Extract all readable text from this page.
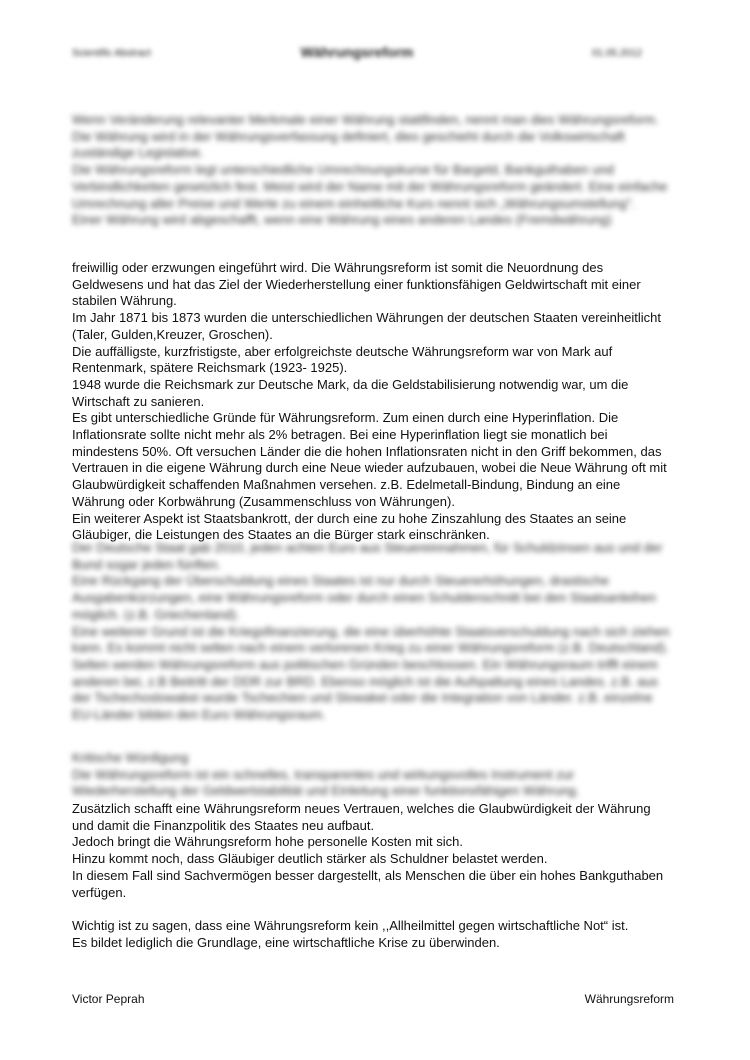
Scientific Abstract	Währungsreform	01.05.2012

Wenn Veränderung relevanter Merkmale einer Währung stattfinden, nennt man dies Währungsreform.

Die Währung wird in der Währungsverfassung definiert, dies geschieht durch die Volkswirtschaft zuständige Legislative.

Die Währungsreform legt unterschiedliche Umrechnungskurse für Bargeld, Bankguthaben und Verbindlichkeiten gesetzlich fest. Meist wird der Name mit der Währungsreform geändert. Eine einfache Umrechnung aller Preise und Werte zu einem einheitliche Kurs nennt sich „Währungsumstellung".

Einer Währung wird abgeschafft, wenn eine Währung eines anderen Landes (Fremdwährung)

freiwillig oder erzwungen eingeführt wird. Die Währungsreform ist somit die Neuordnung des Geldwesens und hat das Ziel der Wiederherstellung einer funktionsfähigen Geldwirtschaft mit einer stabilen Währung.

Im Jahr 1871 bis 1873 wurden die unterschiedlichen Währungen der deutschen Staaten vereinheitlicht (Taler, Gulden,Kreuzer, Groschen).

Die auffälligste, kurzfristigste, aber erfolgreichste deutsche Währungsreform war von Mark auf Rentenmark, spätere Reichsmark (1923- 1925).

1948 wurde die Reichsmark zur Deutsche Mark, da die Geldstabilisierung notwendig war, um die Wirtschaft zu sanieren.

Es gibt unterschiedliche Gründe für Währungsreform. Zum einen durch eine Hyperinflation. Die Inflationsrate sollte nicht mehr als 2% betragen. Bei eine Hyperinflation liegt sie monatlich bei mindestens 50%. Oft versuchen Länder die die hohen Inflationsraten nicht in den Griff bekommen, das Vertrauen in die eigene Währung durch eine Neue wieder aufzubauen, wobei die Neue Währung oft mit Glaubwürdigkeit schaffenden Maßnahmen versehen. z.B. Edelmetall-Bindung, Bindung an eine Währung oder Korbwährung (Zusammenschluss von Währungen).

Ein weiterer Aspekt ist Staatsbankrott, der durch eine zu hohe Zinszahlung des Staates an seine Gläubiger, die Leistungen des Staates an die Bürger stark einschränken.

Der Deutsche Staat gab 2010, jeden achten Euro aus Steuereinnahmen, für Schuldzinsen aus und der Bund sogar jeden fünften.

Eine Rückgang der Überschuldung eines Staates ist nur durch Steuererhöhungen, drastische Ausgabenkürzungen, eine Währungsreform oder durch einen Schuldenschnitt bei den Staatsanleihen möglich. (z.B. Griechenland).

Eine weiterer Grund ist die Kriegsfinanzierung, die eine überhöhte Staatsverschuldung nach sich ziehen kann. Es kommt nicht selten nach einem verlorenen Krieg zu einer Währungsreform (z.B. Deutschland).

Selten werden Währungsreform aus politischen Gründen beschlossen. Ein Währungsraum trifft einem anderen bei, z.B Beitritt der DDR zur BRD. Ebenso möglich ist die Aufspaltung eines Landes. z.B. aus der Tschechoslowakei wurde Tschechien und Slowakei oder die Integration von Länder. z.B. einzelne EU-Länder bilden den Euro Währungsraum.

Kritische Würdigung

Die Währungsreform ist ein schnelles, transparentes und wirkungsvolles Instrument zur Wiederherstellung der Geldwertstabilität und Einleitung einer funktionsfähigen Währung.

Zusätzlich schafft eine Währungsreform neues Vertrauen, welches die Glaubwürdigkeit der Währung und damit die Finanzpolitik des Staates neu aufbaut.

Jedoch bringt die Währungsreform hohe personelle Kosten mit sich.

Hinzu kommt noch, dass Gläubiger deutlich stärker als Schuldner belastet werden.

In diesem Fall sind Sachvermögen besser dargestellt, als Menschen die über ein hohes Bankguthaben verfügen.

Wichtig ist zu sagen, dass eine Währungsreform kein ,,Allheilmittel gegen wirtschaftliche Not“ ist.

Es bildet lediglich die Grundlage, eine wirtschaftliche Krise zu überwinden.

Victor Peprah	Währungsreform
